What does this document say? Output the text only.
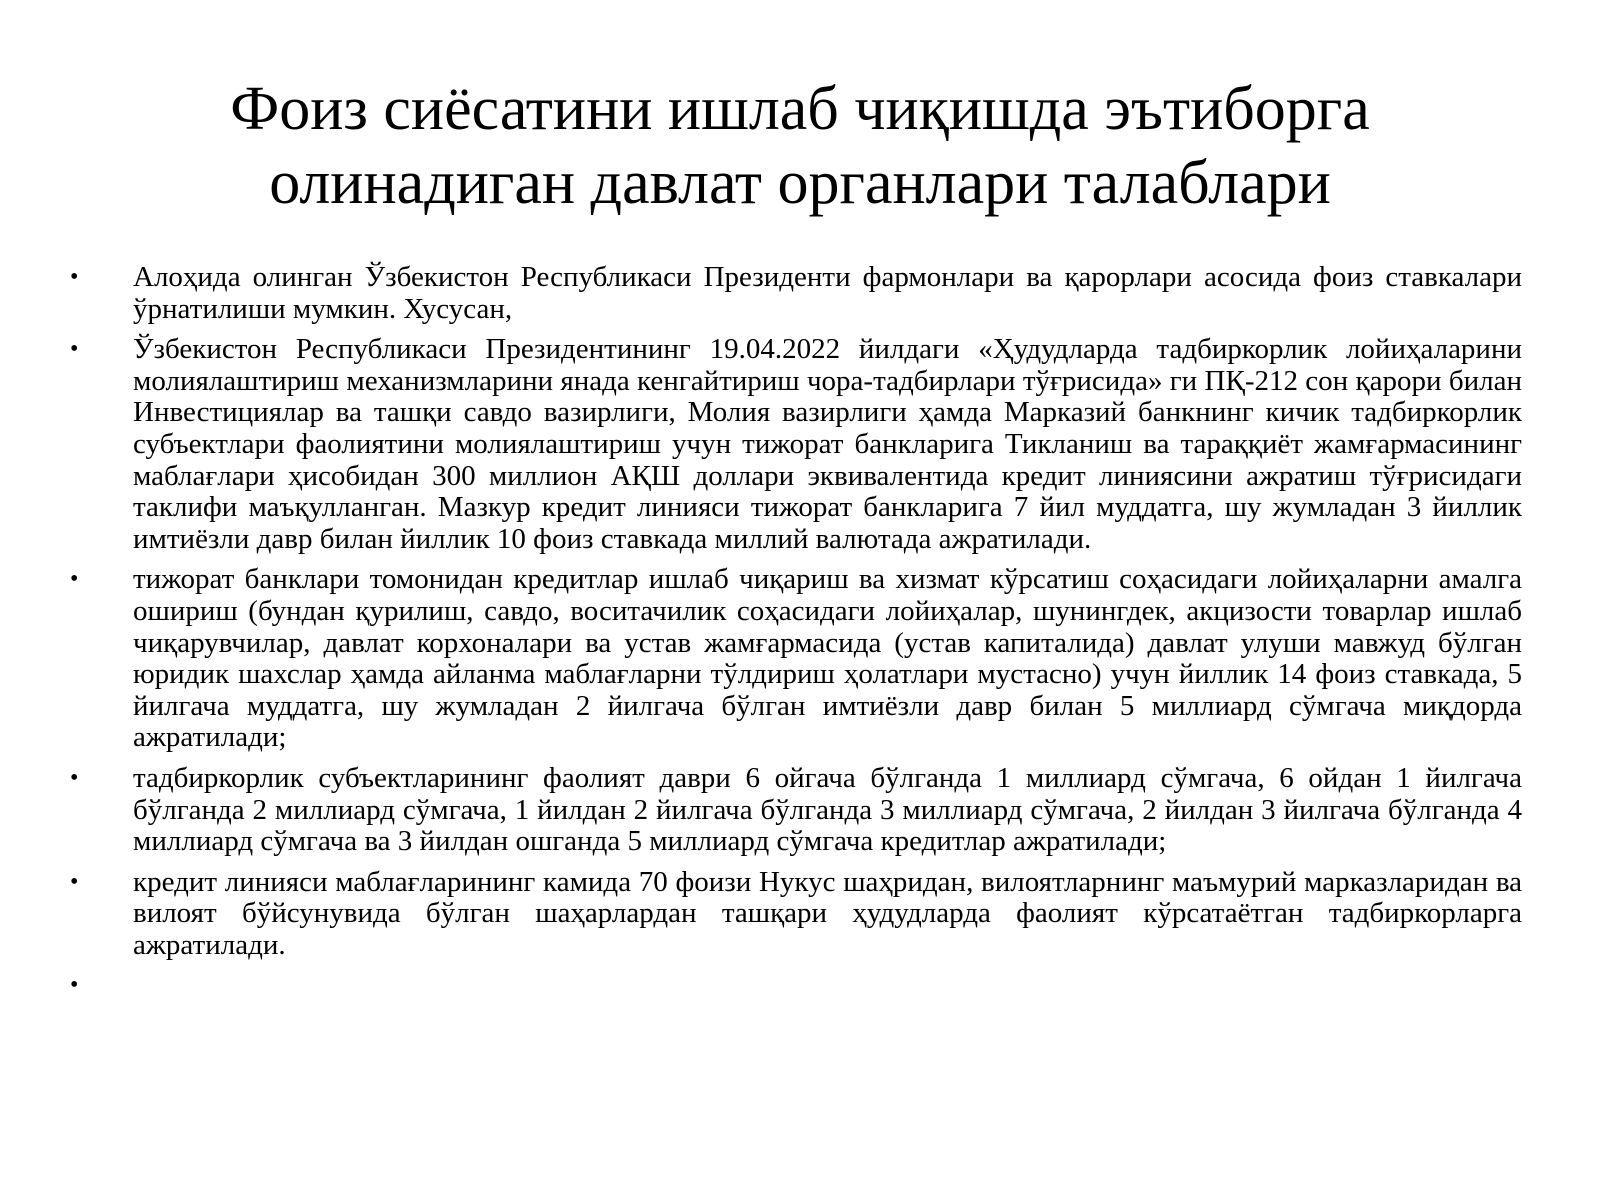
Фоиз сиёсатини ишлаб чиқишда эътиборга
олинадиган давлат органлари талаблари
• Алоҳида олинган Ўзбекистон Республикаси Президенти фармонлари ва қарорлари асосида фоиз ставкалари ўрнатилиши мумкин. Хусусан,
• Ўзбекистон Республикаси Президентининг 19.04.2022 йилдаги «Ҳудудларда тадбиркорлик лойиҳаларини молиялаштириш механизмларини янада кенгайтириш чора-тадбирлари тўғрисида» ги ПҚ-212 сон қарори билан Инвестициялар ва ташқи савдо вазирлиги, Молия вазирлиги ҳамда Марказий банкнинг кичик тадбиркорлик субъектлари фаолиятини молиялаштириш учун тижорат банкларига Тикланиш ва тараққиёт жамғармасининг маблағлари ҳисобидан 300 миллион АҚШ доллари эквивалентида кредит линиясини ажратиш тўғрисидаги таклифи маъқулланган. Мазкур кредит линияси тижорат банкларига 7 йил муддатга, шу жумладан 3 йиллик имтиёзли давр билан йиллик 10 фоиз ставкада миллий валютада ажратилади.
• тижорат банклари томонидан кредитлар ишлаб чиқариш ва хизмат кўрсатиш соҳасидаги лойиҳаларни амалга ошириш (бундан қурилиш, савдо, воситачилик соҳасидаги лойиҳалар, шунингдек, акцизости товарлар ишлаб чиқарувчилар, давлат корхоналари ва устав жамғармасида (устав капиталида) давлат улуши мавжуд бўлган юридик шахслар ҳамда айланма маблағларни тўлдириш ҳолатлари мустасно) учун йиллик 14 фоиз ставкада, 5 йилгача муддатга, шу жумладан 2 йилгача бўлган имтиёзли давр билан 5 миллиард сўмгача миқдорда ажратилади;
• тадбиркорлик субъектларининг фаолият даври 6 ойгача бўлганда 1 миллиард сўмгача, 6 ойдан 1 йилгача бўлганда 2 миллиард сўмгача, 1 йилдан 2 йилгача бўлганда 3 миллиард сўмгача, 2 йилдан 3 йилгача бўлганда 4 миллиард сўмгача ва 3 йилдан ошганда 5 миллиард сўмгача кредитлар ажратилади;
• кредит линияси маблағларининг камида 70 фоизи Нукус шаҳридан, вилоятларнинг маъмурий марказларидан ва вилоят бўйсунувида бўлган шаҳарлардан ташқари ҳудудларда фаолият кўрсатаётган тадбиркорларга ажратилади.
•
